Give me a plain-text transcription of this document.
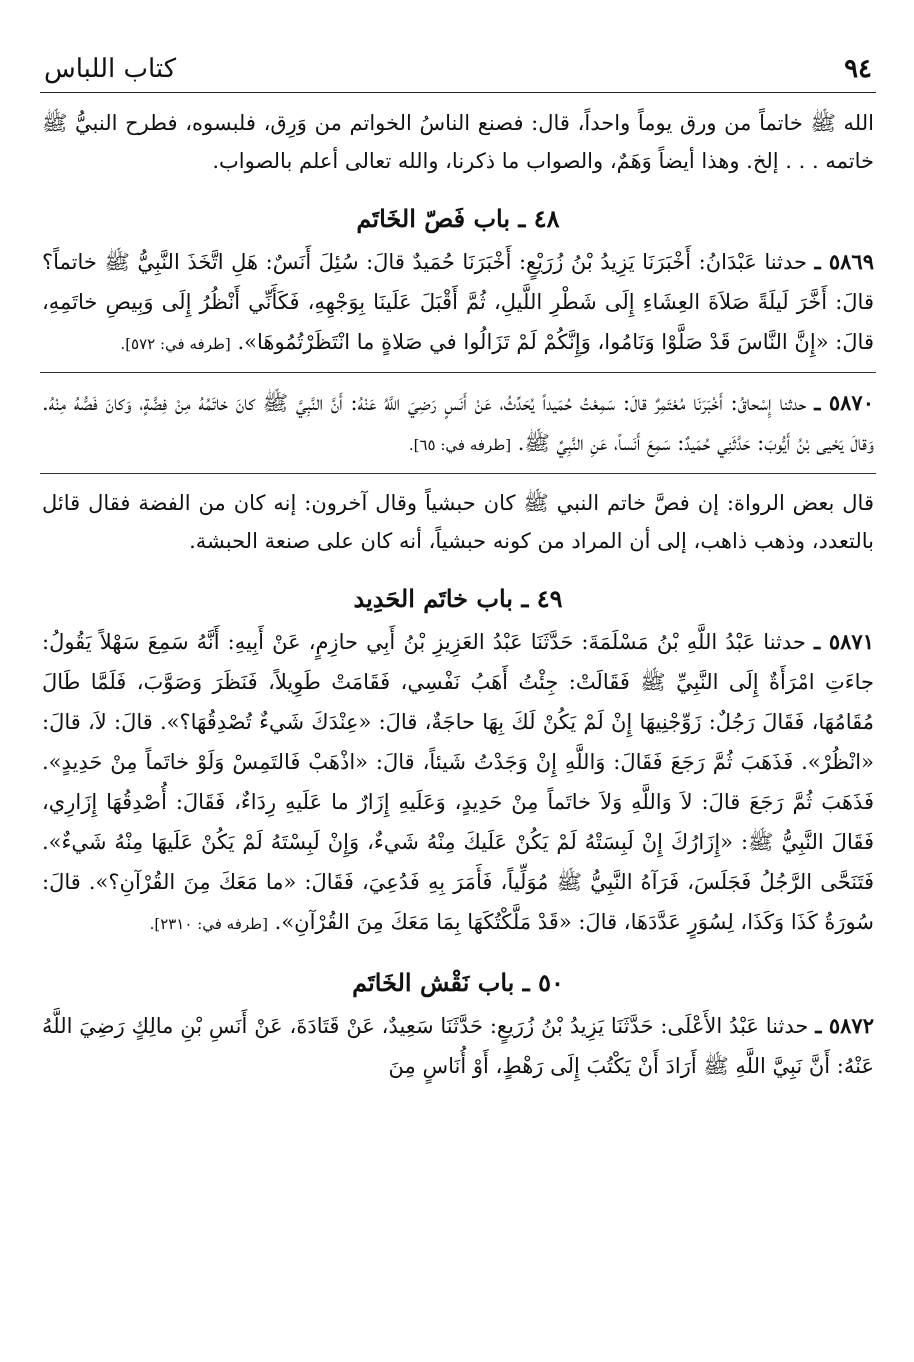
٩٤
كتاب اللباس

الله ﷺ خاتماً من ورق يوماً واحداً، قال: فصنع الناسُ الخواتم من وَرِق، فلبسوه، فطرح النبيُّ ﷺ خاتمه . . . إلخ. وهذا أيضاً وَهَمٌ، والصواب ما ذكرنا، والله تعالى أعلم بالصواب.

٤٨ ـ باب فَصّ الخَاتَم

٥٨٦٩ ـ حدثنا عَبْدَانُ: أَخْبَرَنَا يَزِيدُ بْنُ زُرَيْعٍ: أَخْبَرَنَا حُمَيدٌ قالَ: سُئِلَ أَنَسٌ: هَلِ اتَّخَذَ النَّبِيُّ ﷺ خاتماً؟ قالَ: أَخَّرَ لَيلَةً صَلاَةَ العِشَاءِ إِلَى شَطْرِ اللَّيلِ، ثُمَّ أَقْبَلَ عَلَينَا بِوَجْهِهِ، فَكَأَنِّي أَنْظُرُ إِلَى وَبِيصِ خاتَمِهِ، قالَ: «إِنَّ النَّاسَ قَدْ صَلَّوْا وَنَامُوا، وَإِنَّكُمْ لَمْ تَزَالُوا في صَلاةٍ ما انْتَظَرْتُمُوهَا». [طرفه في: ٥٧٢].

٥٨٧٠ ـ حدثنا إِسْحاقُ: أَخْبَرَنَا مُعْتَمِرٌ قالَ: سَمِعْتُ حُمَيداً يُحَدِّثُ، عَنْ أَنَسٍ رَضِيَ اللَّهُ عَنْهُ: أَنَّ النَّبِيَّ ﷺ كانَ خاتَمُهُ مِنْ فِضَّةٍ، وَكانَ فَصُّهُ مِنْهُ. وَقالَ يَحْيى بْنُ أَيُّوبَ: حَدَّثَنِي حُمَيدٌ: سَمِعَ أَنَساً، عَنِ النَّبِيِّ ﷺ. [طرفه في: ٦٥].

قال بعض الرواة: إن فصَّ خاتم النبي ﷺ كان حبشياً وقال آخرون: إنه كان من الفضة فقال قائل بالتعدد، وذهب ذاهب، إلى أن المراد من كونه حبشياً، أنه كان على صنعة الحبشة.

٤٩ ـ باب خاتَم الحَدِيد

٥٨٧١ ـ حدثنا عَبْدُ اللَّهِ بْنُ مَسْلَمَةَ: حَدَّثَنَا عَبْدُ العَزِيزِ بْنُ أَبِي حازِمٍ، عَنْ أَبِيهِ: أَنَّهُ سَمِعَ سَهْلاً يَقُولُ: جاءَتِ امْرَأَةٌ إِلَى النَّبِيِّ ﷺ فَقَالَتْ: جِئْتُ أَهَبُ نَفْسِي، فَقَامَتْ طَوِيلاً، فَنَظَرَ وَصَوَّبَ، فَلَمَّا طَالَ مُقَامُهَا، فَقَالَ رَجُلٌ: زَوِّجْنِيهَا إِنْ لَمْ يَكُنْ لَكَ بِهَا حاجَةٌ، قالَ: «عِنْدَكَ شَيءٌ تُصْدِقُهَا؟». قالَ: لاَ، قالَ: «انْظُرْ». فَذَهَبَ ثُمَّ رَجَعَ فَقَالَ: وَاللَّهِ إِنْ وَجَدْتُ شَيئاً، قالَ: «اذْهَبْ فَالتَمِسْ وَلَوْ خاتَماً مِنْ حَدِيدٍ». فَذَهَبَ ثُمَّ رَجَعَ قالَ: لاَ وَاللَّهِ وَلاَ خاتَماً مِنْ حَدِيدٍ، وَعَلَيهِ إِزَارٌ ما عَلَيهِ رِدَاءٌ، فَقَالَ: أُصْدِقُهَا إِزَارِي، فَقَالَ النَّبِيُّ ﷺ: «إِزَارُكَ إِنْ لَبِسَتْهُ لَمْ يَكُنْ عَلَيكَ مِنْهُ شَيءٌ، وَإِنْ لَبِسْتَهُ لَمْ يَكُنْ عَلَيهَا مِنْهُ شَيءٌ». فَتَنَحَّى الرَّجُلُ فَجَلَسَ، فَرَآهُ النَّبِيُّ ﷺ مُوَلِّياً، فَأَمَرَ بِهِ فَدُعِيَ، فَقَالَ: «ما مَعَكَ مِنَ القُرْآنِ؟». قالَ: سُورَةُ كَذَا وَكَذَا، لِسُوَرٍ عَدَّدَهَا، قالَ: «قَدْ مَلَّكْتُكَهَا بِمَا مَعَكَ مِنَ القُرْآنِ». [طرفه في: ٢٣١٠].

٥٠ ـ باب نَقْش الخَاتَم

٥٨٧٢ ـ حدثنا عَبْدُ الأَعْلَى: حَدَّثَنَا يَزِيدُ بْنُ زُرَيعٍ: حَدَّثَنَا سَعِيدٌ، عَنْ قَتَادَةَ، عَنْ أَنَسِ بْنِ مالِكٍ رَضِيَ اللَّهُ عَنْهُ: أَنَّ نَبِيَّ اللَّهِ ﷺ أَرَادَ أَنْ يَكْتُبَ إِلَى رَهْطٍ، أَوْ أُنَاسٍ مِنَ
